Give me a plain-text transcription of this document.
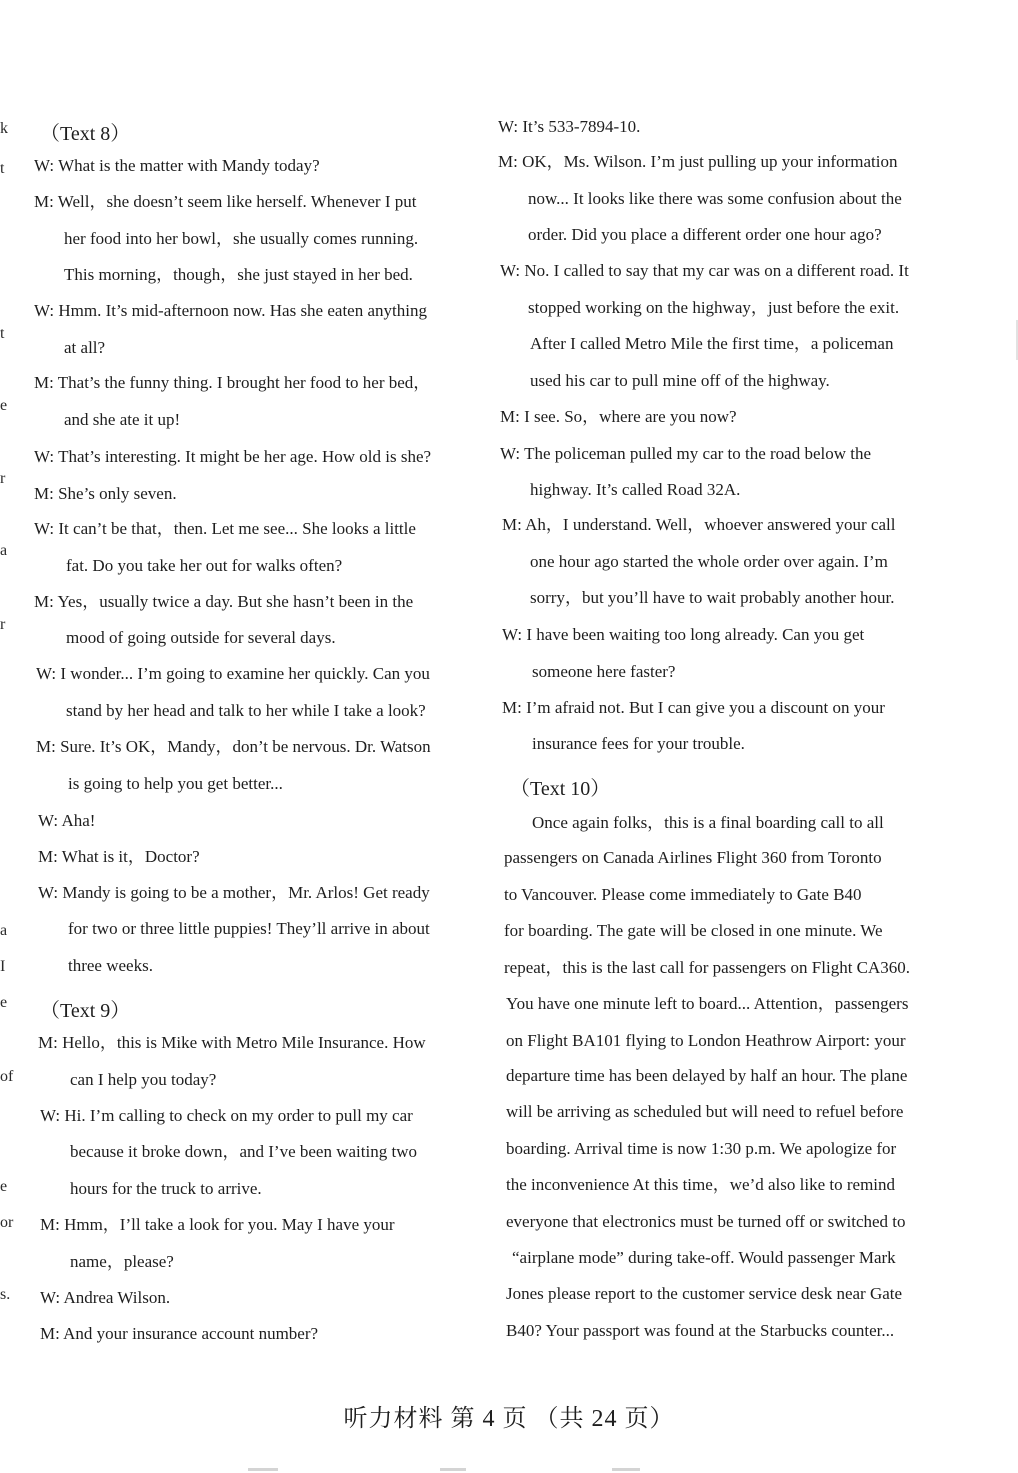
k
t
t
e
r
a
r
a
I
e
of
e
or
s.
（Text 8）
W: What is the matter with Mandy today?
M: Well，she doesn’t seem like herself. Whenever I put
her food into her bowl，she usually comes running.
This morning，though，she just stayed in her bed.
W: Hmm. It’s mid-afternoon now. Has she eaten anything
at all?
M: That’s the funny thing. I brought her food to her bed，
and she ate it up!
W: That’s interesting. It might be her age. How old is she?
M: She’s only seven.
W: It can’t be that，then. Let me see... She looks a little
fat. Do you take her out for walks often?
M: Yes，usually twice a day. But she hasn’t been in the
mood of going outside for several days.
W: I wonder... I’m going to examine her quickly. Can you
stand by her head and talk to her while I take a look?
M: Sure. It’s OK，Mandy，don’t be nervous. Dr. Watson
is going to help you get better...
W: Aha!
M: What is it，Doctor?
W: Mandy is going to be a mother，Mr. Arlos! Get ready
for two or three little puppies! They’ll arrive in about
three weeks.
（Text 9）
M: Hello，this is Mike with Metro Mile Insurance. How
can I help you today?
W: Hi. I’m calling to check on my order to pull my car
because it broke down，and I’ve been waiting two
hours for the truck to arrive.
M: Hmm，I’ll take a look for you. May I have your
name，please?
W: Andrea Wilson.
M: And your insurance account number?
W: It’s 533-7894-10.
M: OK，Ms. Wilson. I’m just pulling up your information
now... It looks like there was some confusion about the
order. Did you place a different order one hour ago?
W: No. I called to say that my car was on a different road. It
stopped working on the highway，just before the exit.
After I called Metro Mile the first time，a policeman
used his car to pull mine off of the highway.
M: I see. So，where are you now?
W: The policeman pulled my car to the road below the
highway. It’s called Road 32A.
M: Ah，I understand. Well，whoever answered your call
one hour ago started the whole order over again. I’m
sorry，but you’ll have to wait probably another hour.
W: I have been waiting too long already. Can you get
someone here faster?
M: I’m afraid not. But I can give you a discount on your
insurance fees for your trouble.
（Text 10）
Once again folks，this is a final boarding call to all
passengers on Canada Airlines Flight 360 from Toronto
to Vancouver. Please come immediately to Gate B40
for boarding. The gate will be closed in one minute. We
repeat，this is the last call for passengers on Flight CA360.
You have one minute left to board... Attention，passengers
on Flight BA101 flying to London Heathrow Airport: your
departure time has been delayed by half an hour. The plane
will be arriving as scheduled but will need to refuel before
boarding. Arrival time is now 1:30 p.m. We apologize for
the inconvenience At this time，we’d also like to remind
everyone that electronics must be turned off or switched to
“airplane mode” during take-off. Would passenger Mark
Jones please report to the customer service desk near Gate
B40? Your passport was found at the Starbucks counter...
听力材料 第 4 页 （共 24 页）
